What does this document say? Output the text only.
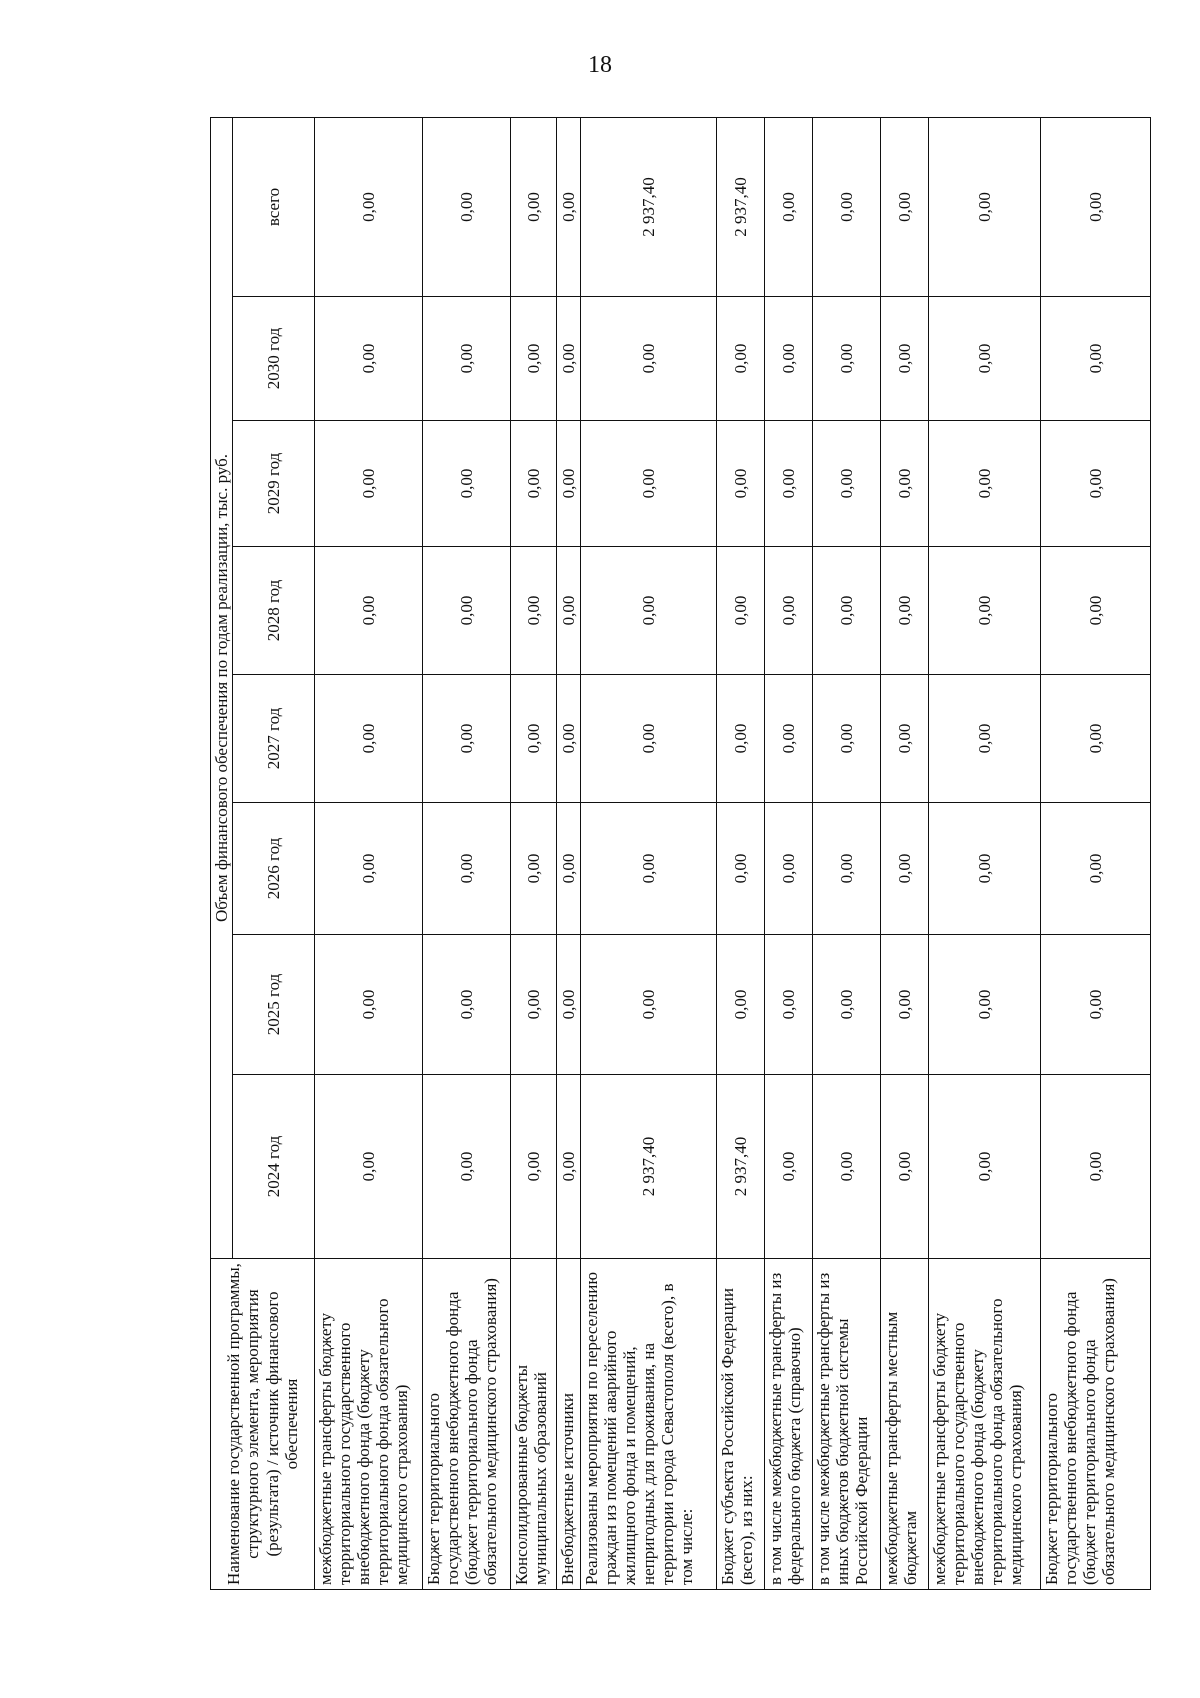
18
Наименование государственной программы, структурного элемента, мероприятия (результата) / источник финансового обеспечения	Объем финансового обеспечения по годам реализации, тыс. руб.							
	2024 год	2025 год	2026 год	2027 год	2028 год	2029 год	2030 год	всего
межбюджетные трансферты бюджету территориального государственного внебюджетного фонда (бюджету территориального фонда обязательного медицинского страхования)	0,00	0,00	0,00	0,00	0,00	0,00	0,00	0,00
Бюджет территориального государственного внебюджетного фонда (бюджет территориального фонда обязательного медицинского страхования)	0,00	0,00	0,00	0,00	0,00	0,00	0,00	0,00
Консолидированные бюджеты муниципальных образований	0,00	0,00	0,00	0,00	0,00	0,00	0,00	0,00
Внебюджетные источники	0,00	0,00	0,00	0,00	0,00	0,00	0,00	0,00
Реализованы мероприятия по переселению граждан из помещений аварийного жилищного фонда и помещений, непригодных для проживания, на территории города Севастополя (всего), в том числе:	2 937,40	0,00	0,00	0,00	0,00	0,00	0,00	2 937,40
Бюджет субъекта Российской Федерации (всего), из них:	2 937,40	0,00	0,00	0,00	0,00	0,00	0,00	2 937,40
в том числе межбюджетные трансферты из федерального бюджета (справочно)	0,00	0,00	0,00	0,00	0,00	0,00	0,00	0,00
в том числе межбюджетные трансферты из иных бюджетов бюджетной системы Российской Федерации	0,00	0,00	0,00	0,00	0,00	0,00	0,00	0,00
межбюджетные трансферты местным бюджетам	0,00	0,00	0,00	0,00	0,00	0,00	0,00	0,00
межбюджетные трансферты бюджету территориального государственного внебюджетного фонда (бюджету территориального фонда обязательного медицинского страхования)	0,00	0,00	0,00	0,00	0,00	0,00	0,00	0,00
Бюджет территориального государственного внебюджетного фонда (бюджет территориального фонда обязательного медицинского страхования)	0,00	0,00	0,00	0,00	0,00	0,00	0,00	0,00
